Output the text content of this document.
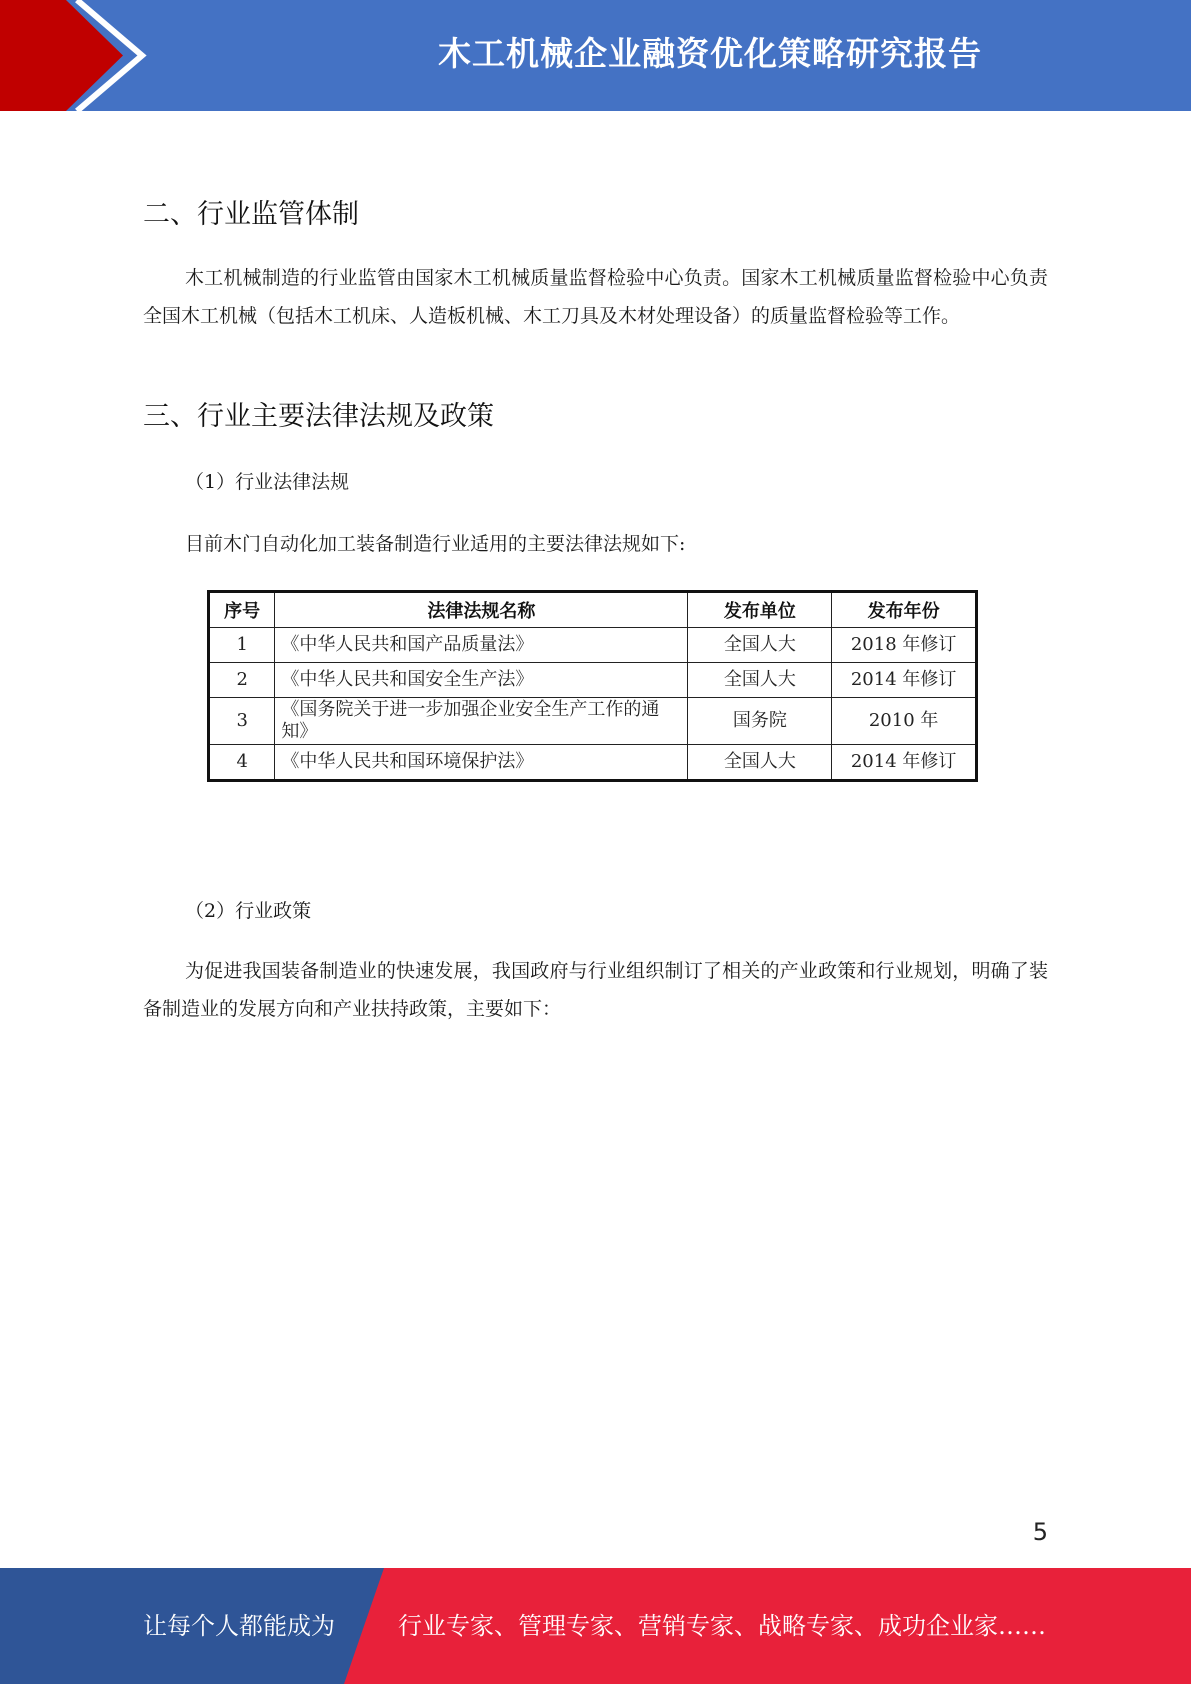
木工机械企业融资优化策略研究报告
二、行业监管体制
木工机械制造的行业监管由国家木工机械质量监督检验中心负责。国家木工机械质量监督检验中心负责全国木工机械（包括木工机床、人造板机械、木工刀具及木材处理设备）的质量监督检验等工作。
三、行业主要法律法规及政策
（1）行业法律法规
目前木门自动化加工装备制造行业适用的主要法律法规如下:
序号	法律法规名称	发布单位	发布年份
1	《中华人民共和国产品质量法》	全国人大	2018 年修订
2	《中华人民共和国安全生产法》	全国人大	2014 年修订
3	《国务院关于进一步加强企业安全生产工作的通知》	国务院	2010 年
4	《中华人民共和国环境保护法》	全国人大	2014 年修订
（2）行业政策
为促进我国装备制造业的快速发展，我国政府与行业组织制订了相关的产业政策和行业规划，明确了装备制造业的发展方向和产业扶持政策，主要如下：
5
让每个人都能成为	行业专家、管理专家、营销专家、战略专家、成功企业家……
